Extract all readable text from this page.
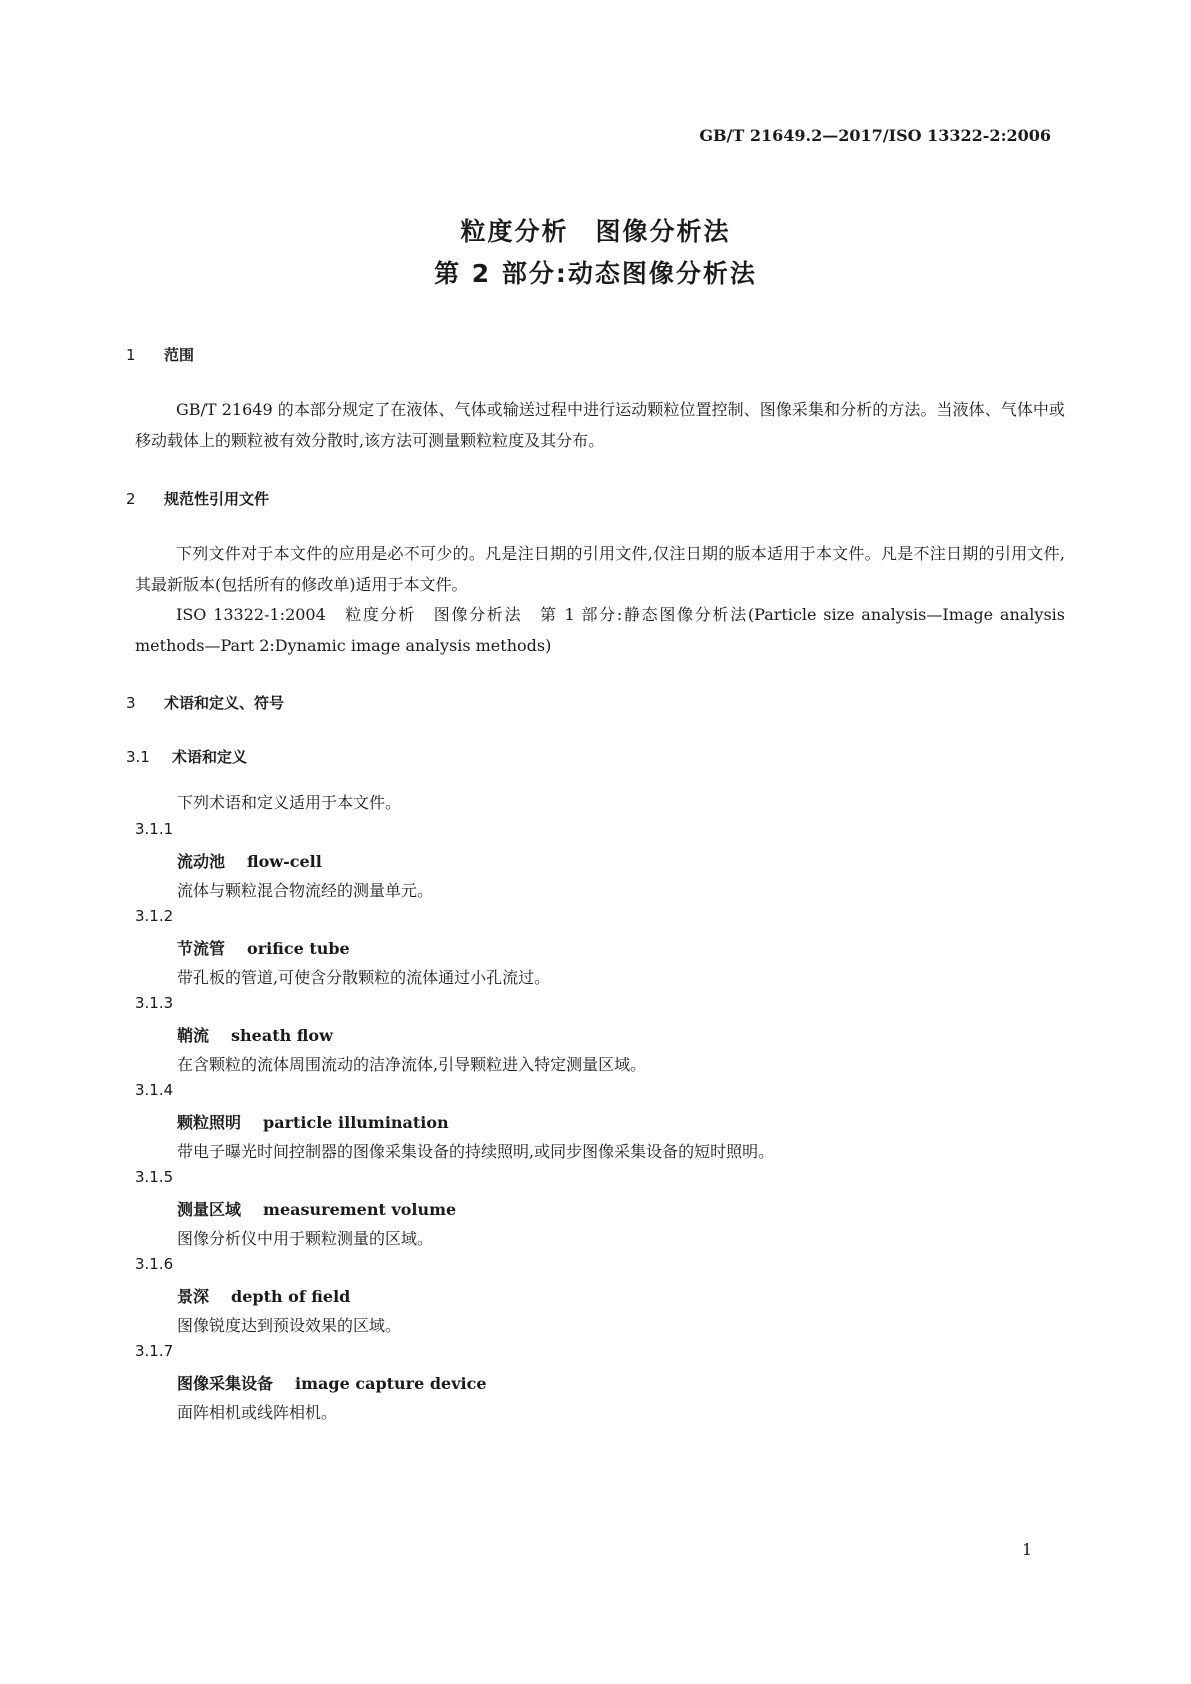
GB/T 21649.2—2017/ISO 13322-2:2006
粒度分析　图像分析法
第 2 部分:动态图像分析法
1 范围
GB/T 21649 的本部分规定了在液体、气体或输送过程中进行运动颗粒位置控制、图像采集和分析的方法。当液体、气体中或移动载体上的颗粒被有效分散时,该方法可测量颗粒粒度及其分布。
2 规范性引用文件
下列文件对于本文件的应用是必不可少的。凡是注日期的引用文件,仅注日期的版本适用于本文件。凡是不注日期的引用文件,其最新版本(包括所有的修改单)适用于本文件。
ISO 13322-1:2004　粒度分析　图像分析法　第 1 部分:静态图像分析法(Particle size analysis—Image analysis methods—Part 2:Dynamic image analysis methods)
3 术语和定义、符号
3.1 术语和定义
下列术语和定义适用于本文件。
3.1.1
流动池 flow-cell
流体与颗粒混合物流经的测量单元。
3.1.2
节流管 orifice tube
带孔板的管道,可使含分散颗粒的流体通过小孔流过。
3.1.3
鞘流 sheath flow
在含颗粒的流体周围流动的洁净流体,引导颗粒进入特定测量区域。
3.1.4
颗粒照明 particle illumination
带电子曝光时间控制器的图像采集设备的持续照明,或同步图像采集设备的短时照明。
3.1.5
测量区域 measurement volume
图像分析仪中用于颗粒测量的区域。
3.1.6
景深 depth of field
图像锐度达到预设效果的区域。
3.1.7
图像采集设备 image capture device
面阵相机或线阵相机。
1
